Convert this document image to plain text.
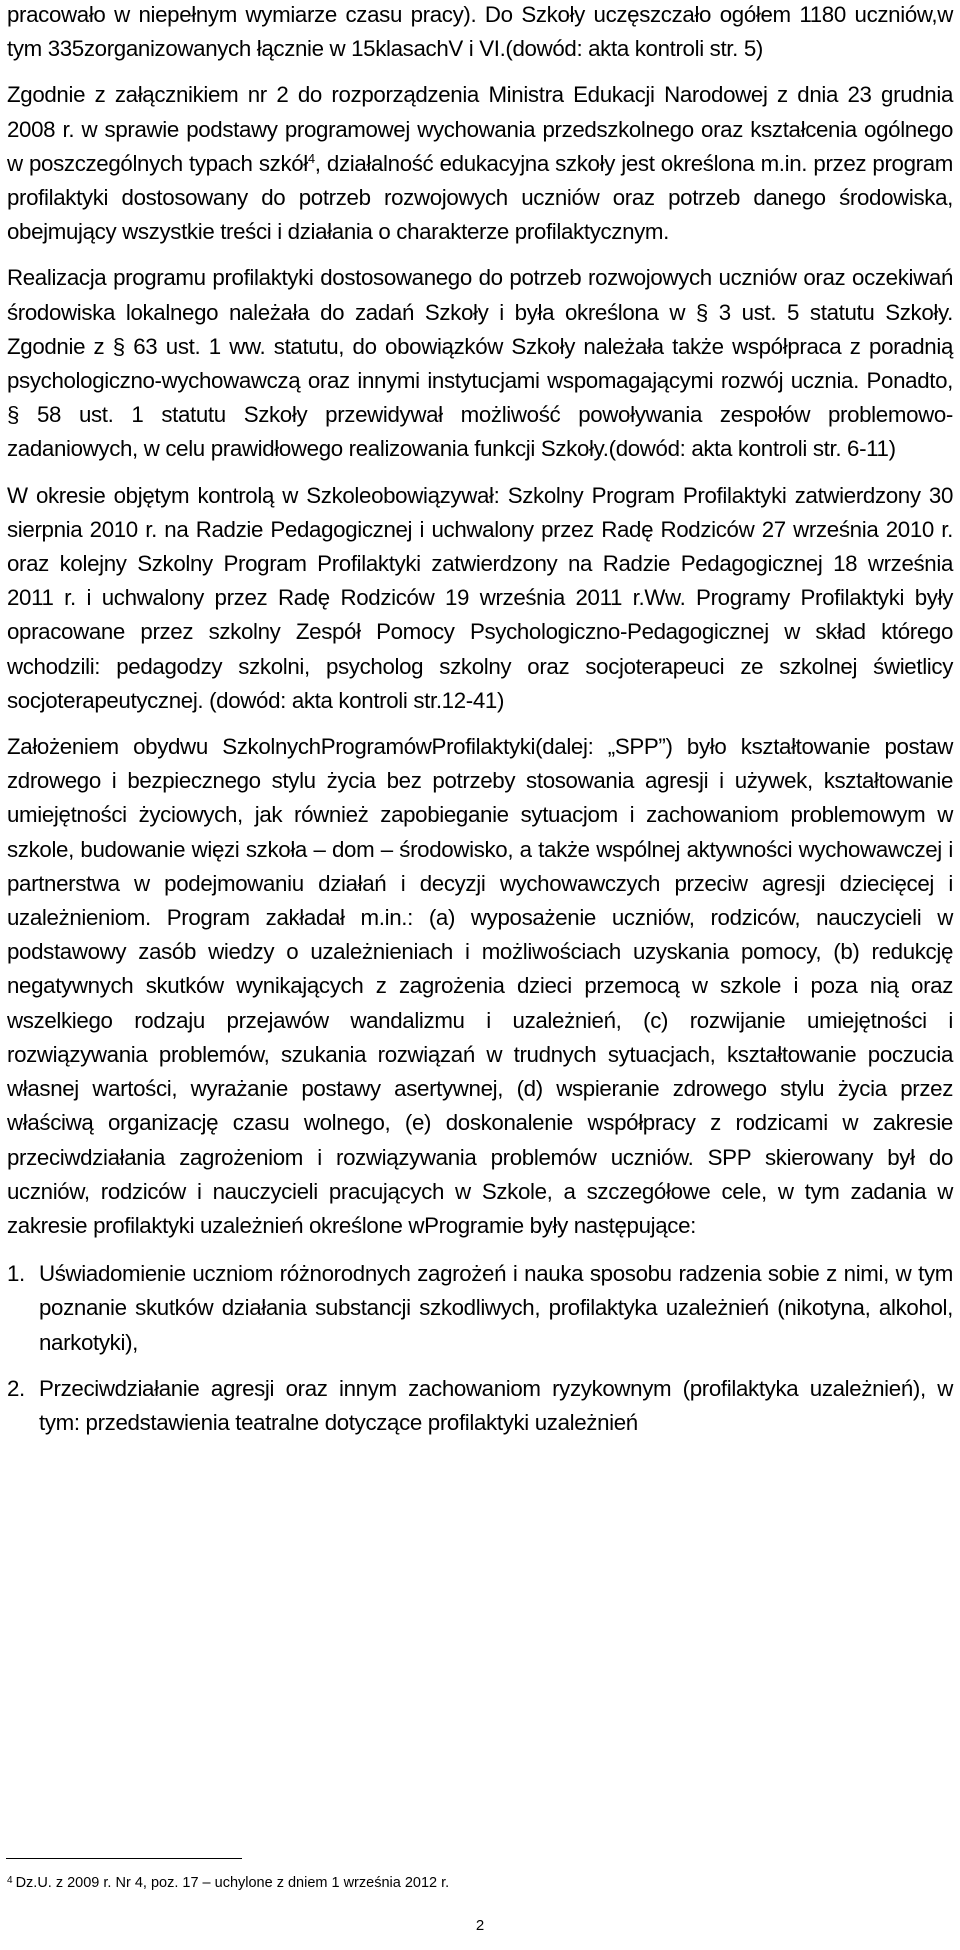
pracowało w niepełnym wymiarze czasu pracy). Do Szkoły uczęszczało ogółem 1180 uczniów,w tym 335zorganizowanych łącznie w 15klasachV i VI.(dowód: akta kontroli str. 5)

Zgodnie z załącznikiem nr 2 do rozporządzenia Ministra Edukacji Narodowej z dnia 23 grudnia 2008 r. w sprawie podstawy programowej wychowania przedszkolnego oraz kształcenia ogólnego w poszczególnych typach szkół$^4$, działalność edukacyjna szkoły jest określona m.in. przez program profilaktyki dostosowany do potrzeb rozwojowych uczniów oraz potrzeb danego środowiska, obejmujący wszystkie treści i działania o charakterze profilaktycznym.

Realizacja programu profilaktyki dostosowanego do potrzeb rozwojowych uczniów oraz oczekiwań środowiska lokalnego należała do zadań Szkoły i była określona w § 3 ust. 5 statutu Szkoły. Zgodnie z § 63 ust. 1 ww. statutu, do obowiązków Szkoły należała także współpraca z poradnią psychologiczno-wychowawczą oraz innymi instytucjami wspomagającymi rozwój ucznia. Ponadto, § 58 ust. 1 statutu Szkoły przewidywał możliwość powoływania zespołów problemowo-zadaniowych, w celu prawidłowego realizowania funkcji Szkoły.(dowód: akta kontroli str. 6-11)

W okresie objętym kontrolą w Szkoleobowiązywał: Szkolny Program Profilaktyki zatwierdzony 30 sierpnia 2010 r. na Radzie Pedagogicznej i uchwalony przez Radę Rodziców 27 września 2010 r. oraz kolejny Szkolny Program Profilaktyki zatwierdzony na Radzie Pedagogicznej 18 września 2011 r. i uchwalony przez Radę Rodziców 19 września 2011 r.Ww. Programy Profilaktyki były opracowane przez szkolny Zespół Pomocy Psychologiczno-Pedagogicznej w skład którego wchodzili: pedagodzy szkolni, psycholog szkolny oraz socjoterapeuci ze szkolnej świetlicy socjoterapeutycznej. (dowód: akta kontroli str.12-41)

Założeniem obydwu SzkolnychProgramówProfilaktyki(dalej: „SPP”) było kształtowanie postaw zdrowego i bezpiecznego stylu życia bez potrzeby stosowania agresji i używek, kształtowanie umiejętności życiowych, jak również zapobieganie sytuacjom i zachowaniom problemowym w szkole, budowanie więzi szkoła – dom – środowisko, a także wspólnej aktywności wychowawczej i partnerstwa w podejmowaniu działań i decyzji wychowawczych przeciw agresji dziecięcej i uzależnieniom. Program zakładał m.in.: (a) wyposażenie uczniów, rodziców, nauczycieli w podstawowy zasób wiedzy o uzależnieniach i możliwościach uzyskania pomocy, (b) redukcję negatywnych skutków wynikających z zagrożenia dzieci przemocą w szkole i poza nią oraz wszelkiego rodzaju przejawów wandalizmu i uzależnień, (c) rozwijanie umiejętności i rozwiązywania problemów, szukania rozwiązań w trudnych sytuacjach, kształtowanie poczucia własnej wartości, wyrażanie postawy asertywnej, (d) wspieranie zdrowego stylu życia przez właściwą organizację czasu wolnego, (e) doskonalenie współpracy z rodzicami w zakresie przeciwdziałania zagrożeniom i rozwiązywania problemów uczniów. SPP skierowany był do uczniów, rodziców i nauczycieli pracujących w Szkole, a szczegółowe cele, w tym zadania w zakresie profilaktyki uzależnień określone wProgramie były następujące:

1. Uświadomienie uczniom różnorodnych zagrożeń i nauka sposobu radzenia sobie z nimi, w tym poznanie skutków działania substancji szkodliwych, profilaktyka uzależnień (nikotyna, alkohol, narkotyki),
2. Przeciwdziałanie agresji oraz innym zachowaniom ryzykownym (profilaktyka uzależnień), w tym: przedstawienia teatralne dotyczące profilaktyki uzależnień
$^4$ Dz.U. z 2009 r. Nr 4, poz. 17 – uchylone z dniem 1 września 2012 r.
2
